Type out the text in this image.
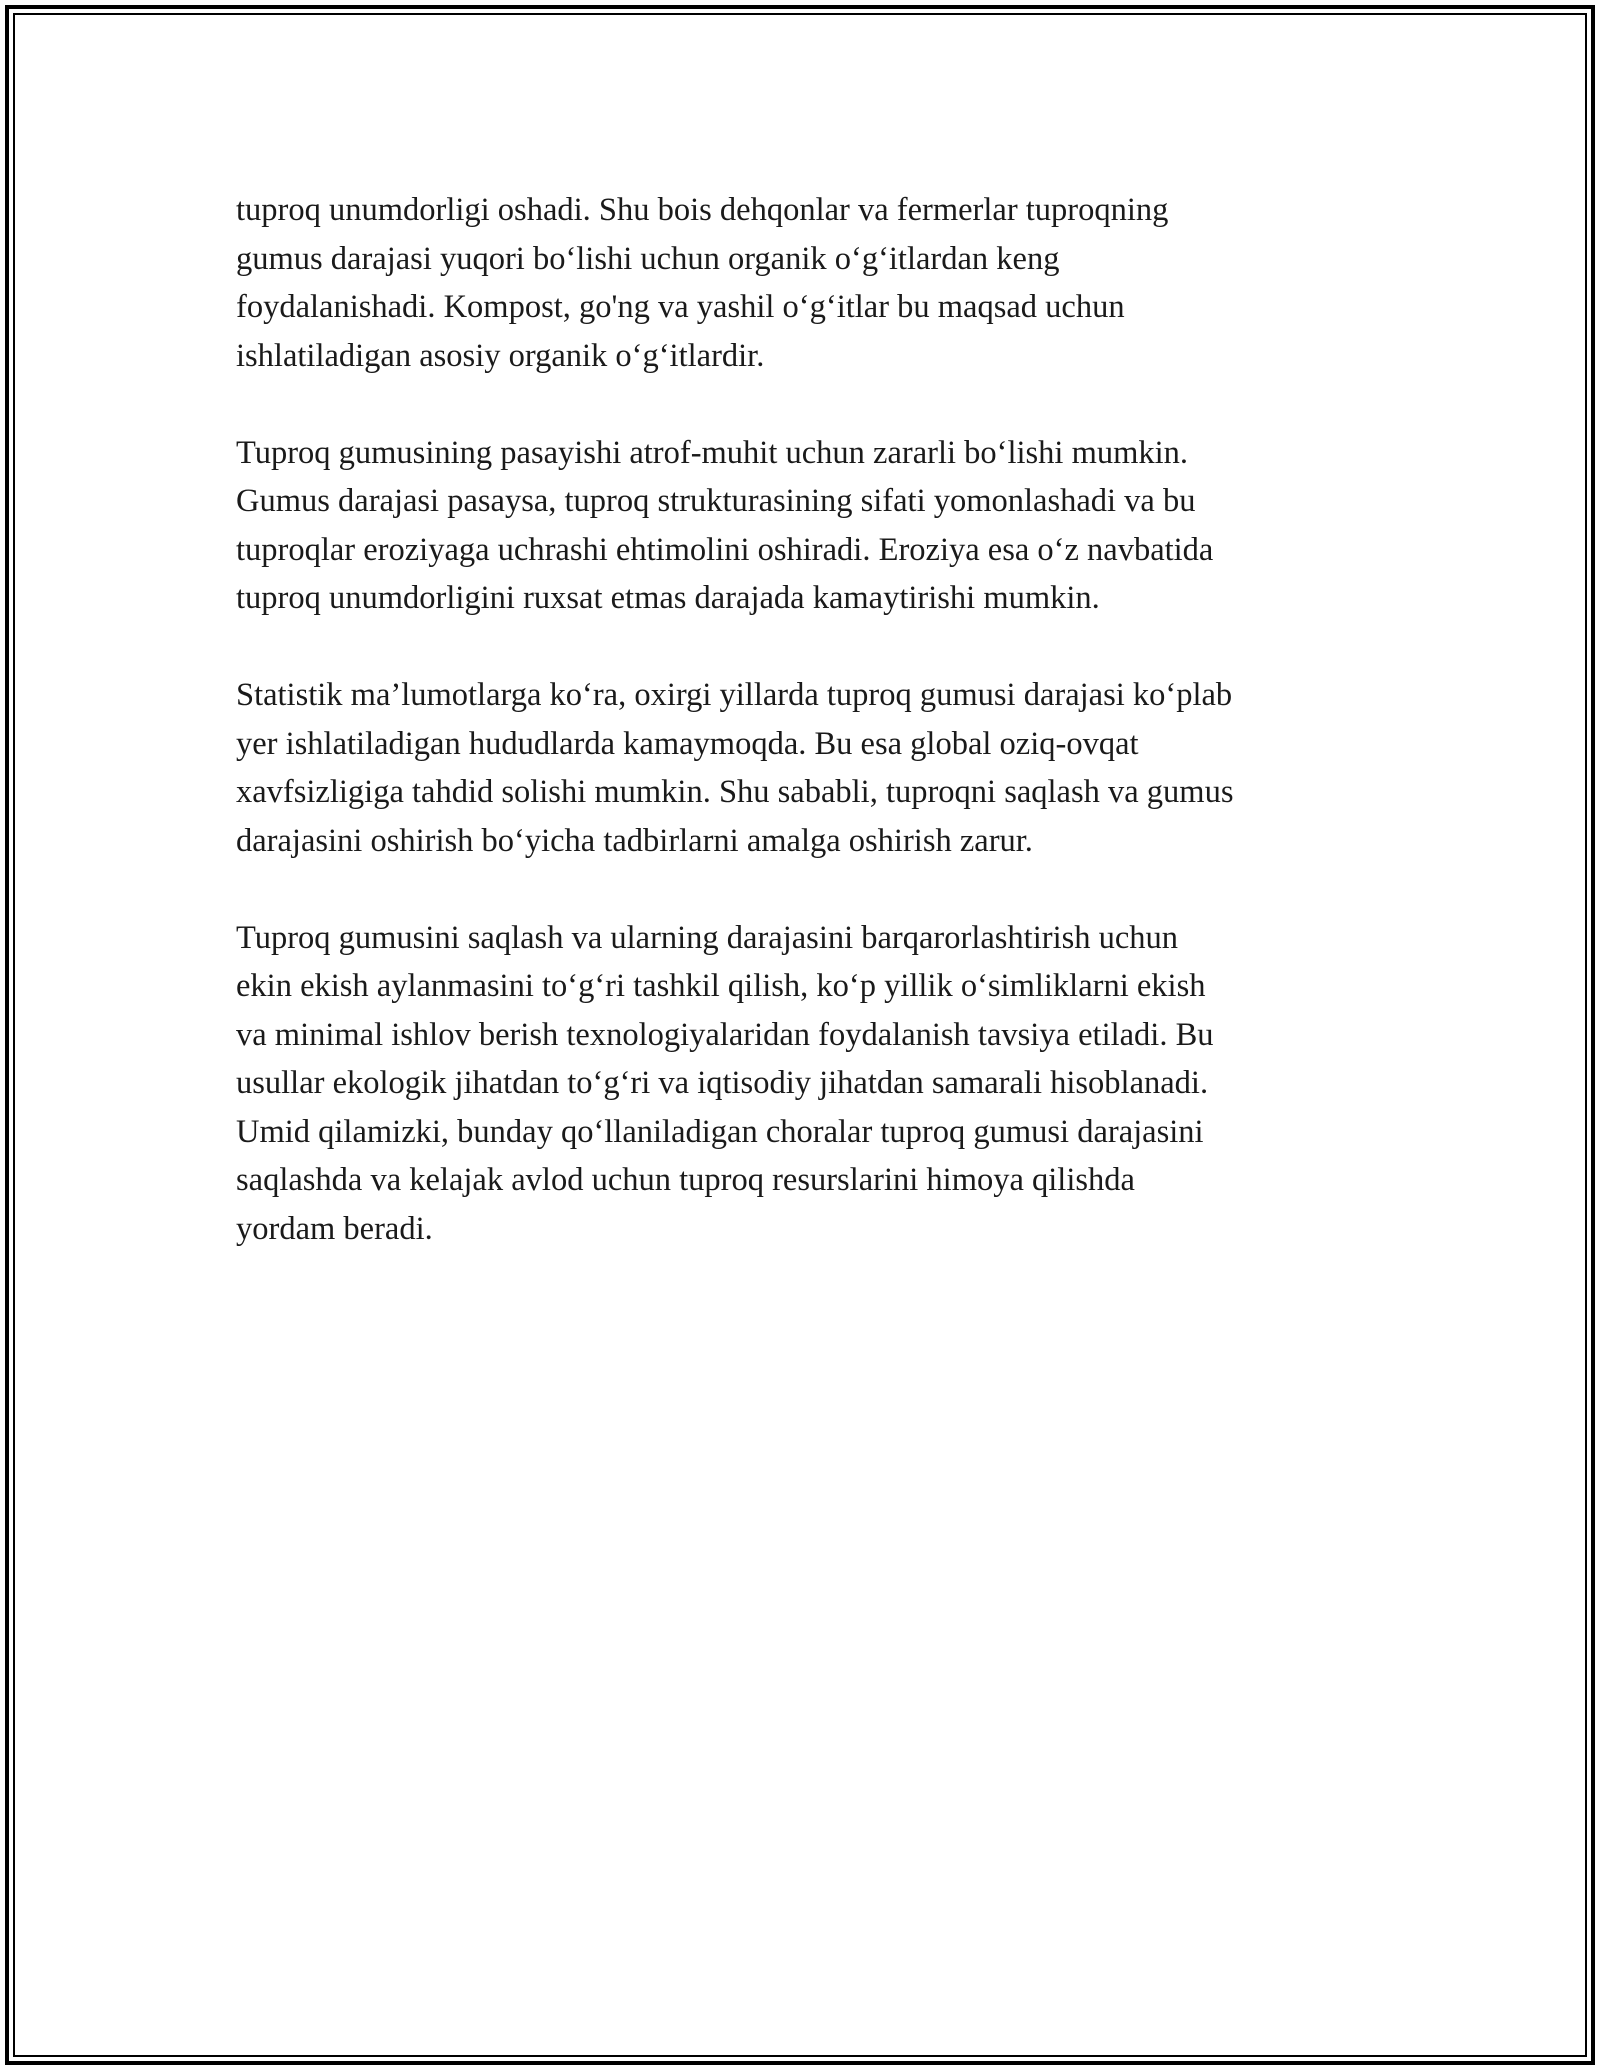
tuproq unumdorligi oshadi. Shu bois dehqonlar va fermerlar tuproqning
gumus darajasi yuqori boʻlishi uchun organik oʻgʻitlardan keng
foydalanishadi. Kompost, go'ng va yashil oʻgʻitlar bu maqsad uchun
ishlatiladigan asosiy organik oʻgʻitlardir.

Tuproq gumusining pasayishi atrof-muhit uchun zararli boʻlishi mumkin.
Gumus darajasi pasaysa, tuproq strukturasining sifati yomonlashadi va bu
tuproqlar eroziyaga uchrashi ehtimolini oshiradi. Eroziya esa oʻz navbatida
tuproq unumdorligini ruxsat etmas darajada kamaytirishi mumkin.

Statistik ma’lumotlarga koʻra, oxirgi yillarda tuproq gumusi darajasi koʻplab
yer ishlatiladigan hududlarda kamaymoqda. Bu esa global oziq-ovqat
xavfsizligiga tahdid solishi mumkin. Shu sababli, tuproqni saqlash va gumus
darajasini oshirish boʻyicha tadbirlarni amalga oshirish zarur.

Tuproq gumusini saqlash va ularning darajasini barqarorlashtirish uchun
ekin ekish aylanmasini toʻgʻri tashkil qilish, koʻp yillik oʻsimliklarni ekish
va minimal ishlov berish texnologiyalaridan foydalanish tavsiya etiladi. Bu
usullar ekologik jihatdan toʻgʻri va iqtisodiy jihatdan samarali hisoblanadi.
Umid qilamizki, bunday qoʻllaniladigan choralar tuproq gumusi darajasini
saqlashda va kelajak avlod uchun tuproq resurslarini himoya qilishda
yordam beradi.
